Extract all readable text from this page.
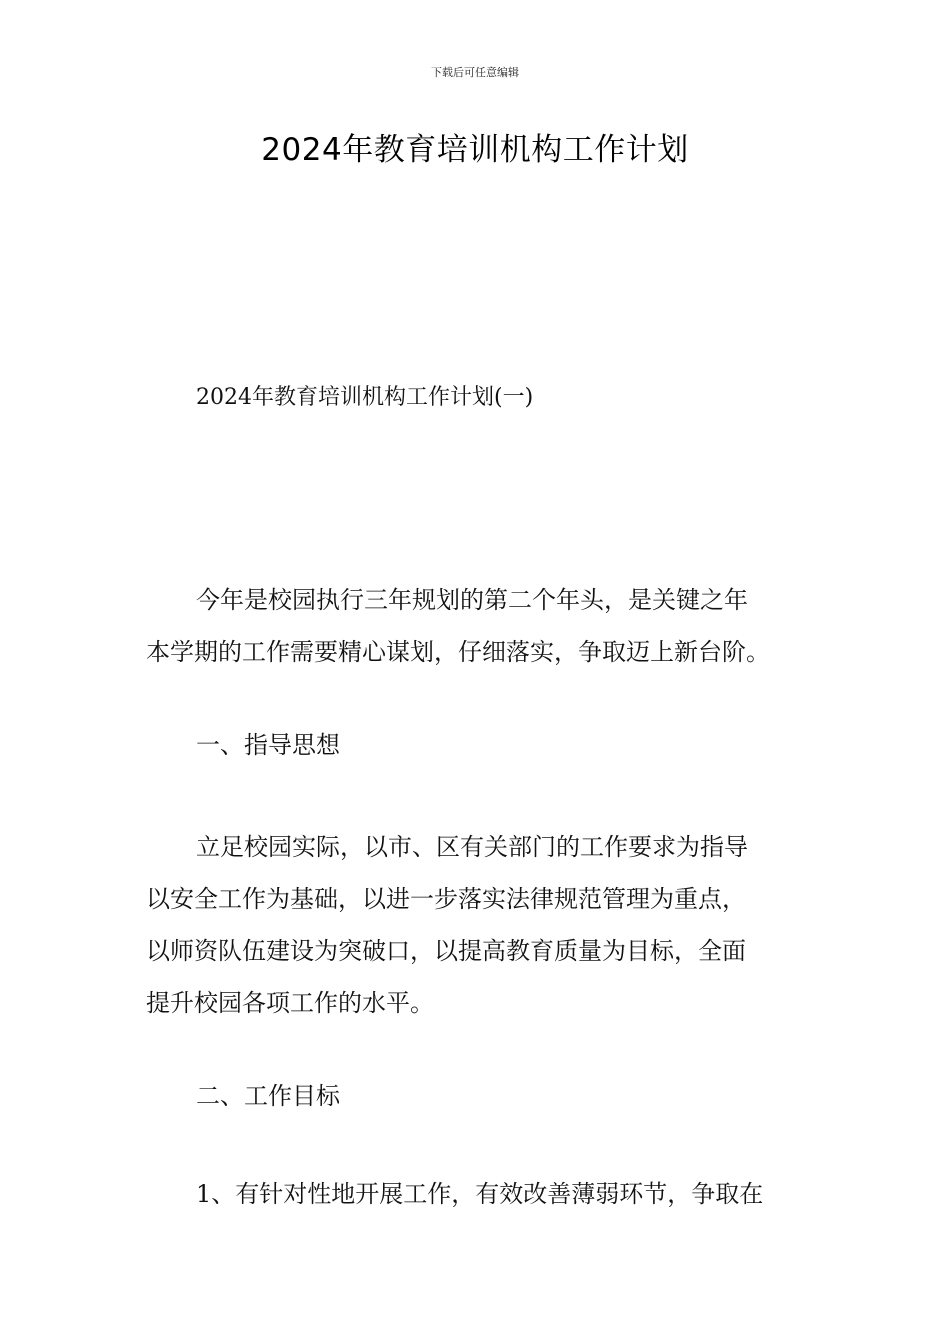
下载后可任意编辑
2024年教育培训机构工作计划
2024年教育培训机构工作计划(一)
今年是校园执行三年规划的第二个年头，是关键之年
本学期的工作需要精心谋划，仔细落实，争取迈上新台阶。
一、指导思想
立足校园实际，以市、区有关部门的工作要求为指导
以安全工作为基础，以进一步落实法律规范管理为重点，
以师资队伍建设为突破口，以提高教育质量为目标，全面
提升校园各项工作的水平。
二、工作目标
1、有针对性地开展工作，有效改善薄弱环节，争取在
